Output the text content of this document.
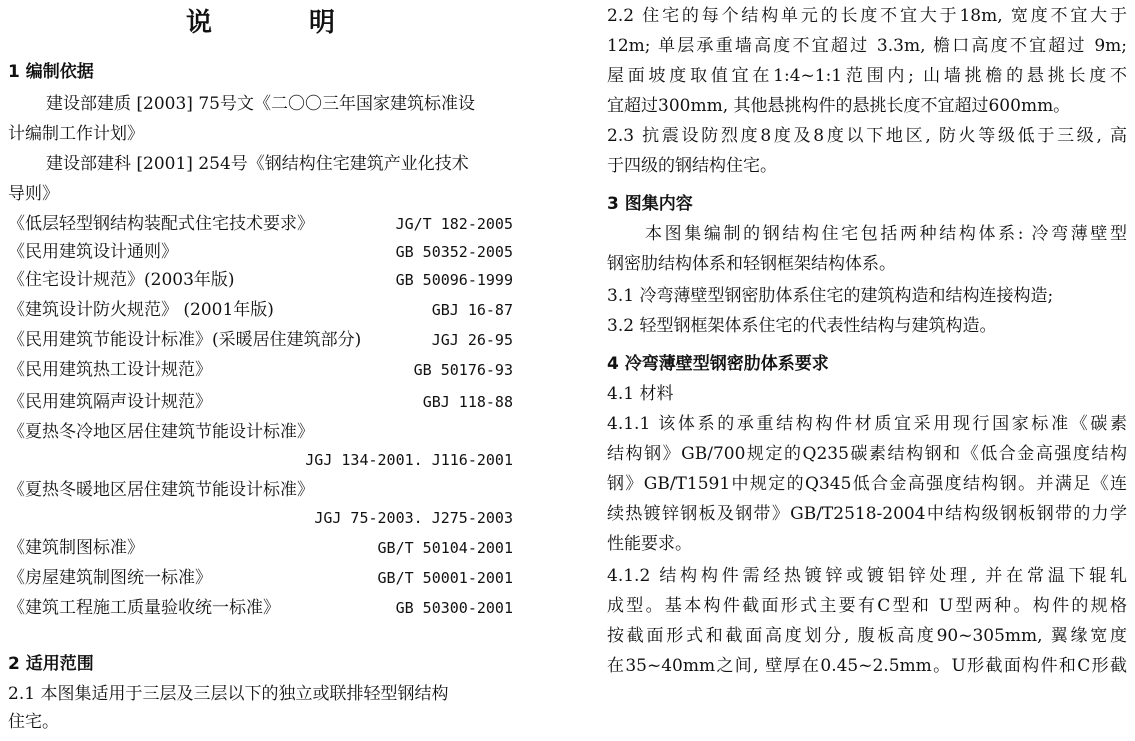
说 明
1 编制依据
建设部建质 [2003] 75号文《二〇〇三年国家建筑标准设
计编制工作计划》
建设部建科 [2001] 254号《钢结构住宅建筑产业化技术
导则》
《低层轻型钢结构装配式住宅技术要求》	JG/T 182-2005
《民用建筑设计通则》	GB 50352-2005
《住宅设计规范》(2003年版)	GB 50096-1999
《建筑设计防火规范》 (2001年版)	GBJ 16-87
《民用建筑节能设计标准》(采暖居住建筑部分)	JGJ 26-95
《民用建筑热工设计规范》	GB 50176-93
《民用建筑隔声设计规范》	GBJ 118-88
《夏热冬冷地区居住建筑节能设计标准》
JGJ 134-2001. J116-2001
《夏热冬暖地区居住建筑节能设计标准》
JGJ 75-2003. J275-2003
《建筑制图标准》	GB/T 50104-2001
《房屋建筑制图统一标准》	GB/T 50001-2001
《建筑工程施工质量验收统一标准》	GB 50300-2001
2 适用范围
2.1 本图集适用于三层及三层以下的独立或联排轻型钢结构
住宅。
2.2 住宅的每个结构单元的长度不宜大于18m, 宽度不宜大于
12m; 单层承重墙高度不宜超过 3.3m, 檐口高度不宜超过 9m;
屋面坡度取值宜在1:4~1:1范围内; 山墙挑檐的悬挑长度不
宜超过300mm, 其他悬挑构件的悬挑长度不宜超过600mm。
2.3 抗震设防烈度8度及8度以下地区, 防火等级低于三级, 高
于四级的钢结构住宅。
3 图集内容
本图集编制的钢结构住宅包括两种结构体系: 冷弯薄壁型
钢密肋结构体系和轻钢框架结构体系。
3.1 冷弯薄壁型钢密肋体系住宅的建筑构造和结构连接构造;
3.2 轻型钢框架体系住宅的代表性结构与建筑构造。
4 冷弯薄壁型钢密肋体系要求
4.1 材料
4.1.1 该体系的承重结构构件材质宜采用现行国家标准《碳素
结构钢》GB/700规定的Q235碳素结构钢和《低合金高强度结构
钢》GB/T1591中规定的Q345低合金高强度结构钢。并满足《连
续热镀锌钢板及钢带》GB/T2518-2004中结构级钢板钢带的力学
性能要求。
4.1.2 结构构件需经热镀锌或镀铝锌处理, 并在常温下辊轧
成型。基本构件截面形式主要有C型和 U型两种。构件的规格
按截面形式和截面高度划分, 腹板高度90~305mm, 翼缘宽度
在35~40mm之间, 壁厚在0.45~2.5mm。U形截面构件和C形截
